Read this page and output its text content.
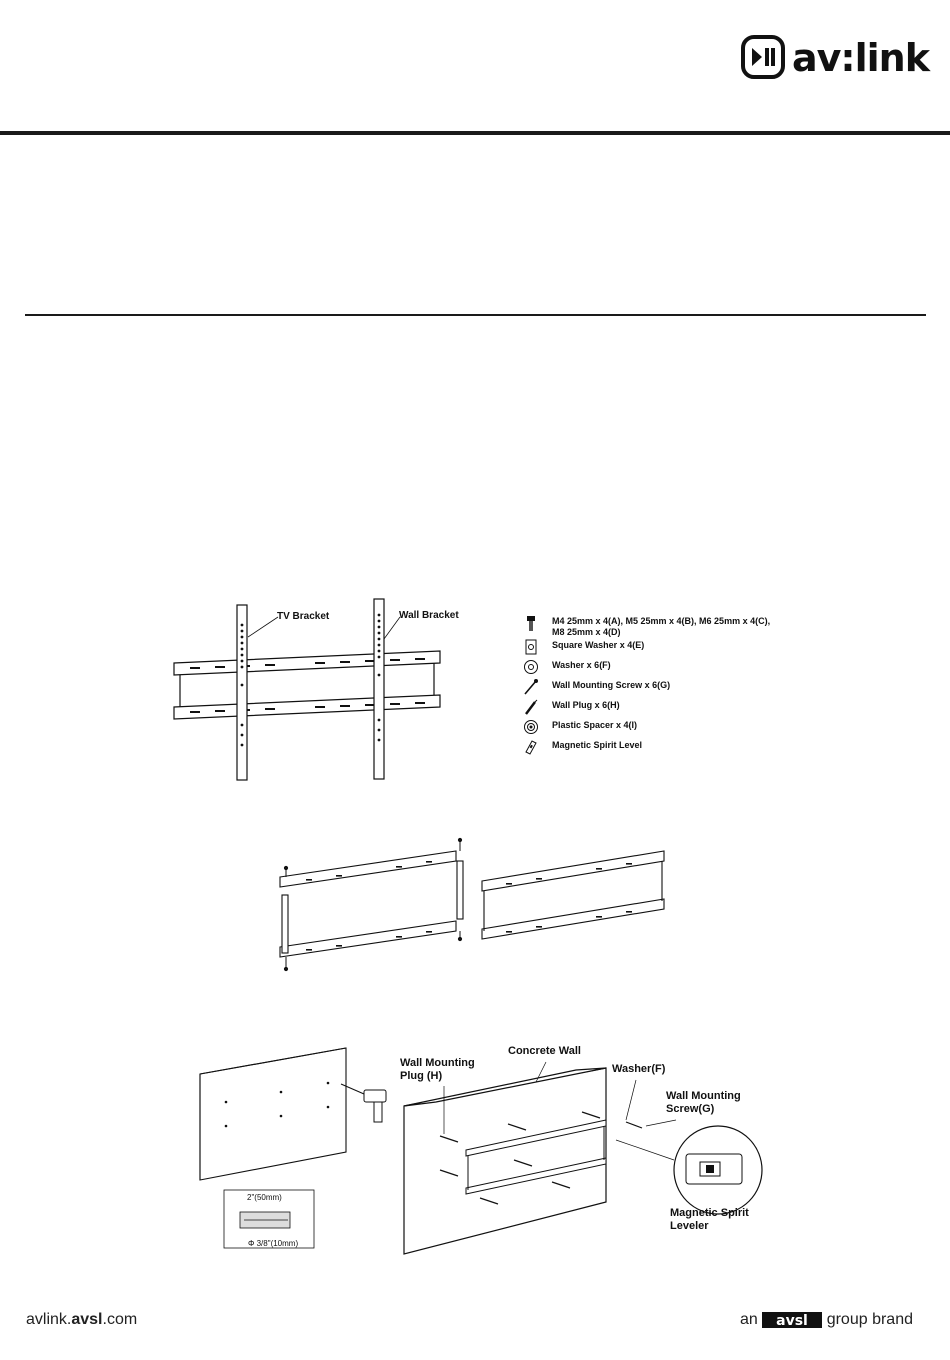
av:link
TV Bracket	Wall Bracket	M4 25mm x 4(A), M5 25mm x 4(B), M6 25mm x 4(C),
M8 25mm x 4(D)
Square Washer x 4(E)
Washer x 6(F)
Wall Mounting Screw x 6(G)
Wall Plug x 6(H)
Plastic Spacer x 4(I)
Magnetic Spirit Level
2"(50mm)
Φ 3/8"(10mm)
Wall Mounting
Plug (H)
Concrete Wall
Washer(F)
Wall Mounting
Screw(G)
Magnetic Spirit
Leveler
avlink.avsl.com	an avsl group brand
